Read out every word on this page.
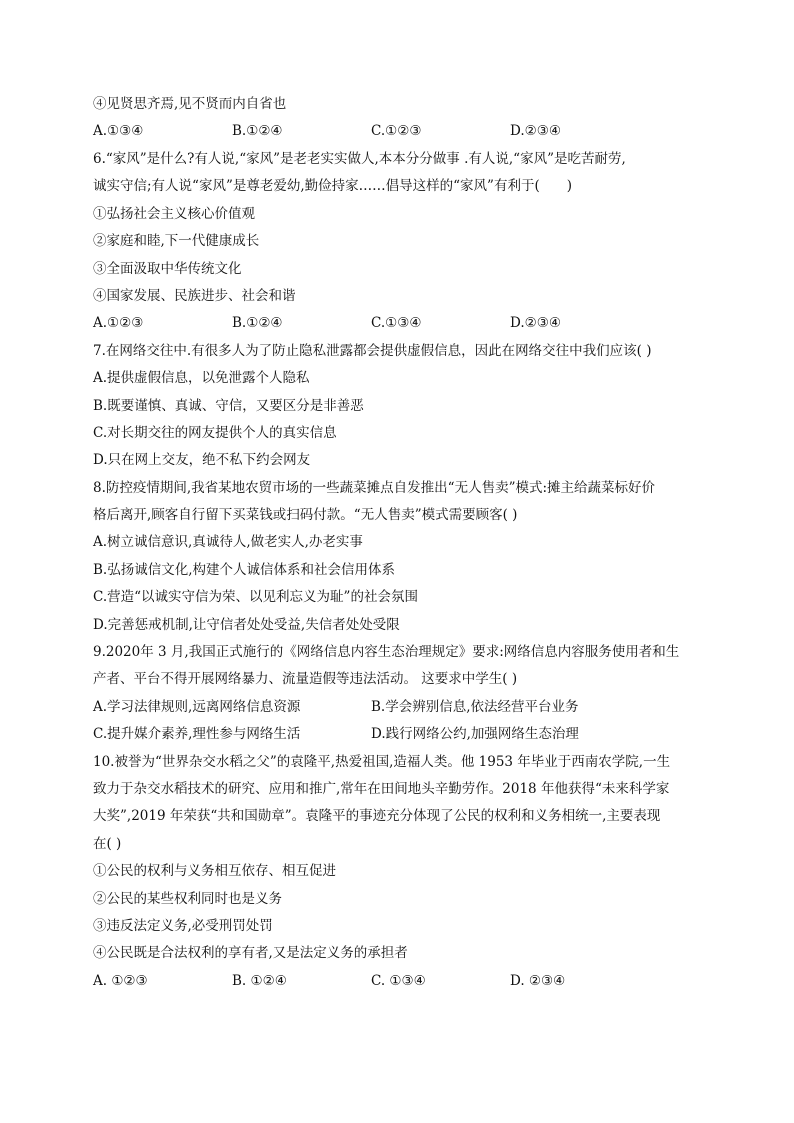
④见贤思齐焉,见不贤而内自省也
A.①③④	B.①②④	C.①②③	D.②③④
6.“家风”是什么?有人说,“家风”是老老实实做人,本本分分做事 .有人说,“家风”是吃苦耐劳,
诚实守信;有人说“家风”是尊老爱幼,勤俭持家……倡导这样的“家风”有利于(　　)
①弘扬社会主义核心价值观
②家庭和睦,下一代健康成长
③全面汲取中华传统文化
④国家发展、民族进步、社会和谐
A.①②③	B.①②④	C.①③④	D.②③④
7.在网络交往中.有很多人为了防止隐私泄露都会提供虚假信息，因此在网络交往中我们应该( )
A.提供虚假信息，以免泄露个人隐私
B.既要谨慎、真诚、守信，又要区分是非善恶
C.对长期交往的网友提供个人的真实信息
D.只在网上交友，绝不私下约会网友
8.防控疫情期间,我省某地农贸市场的一些蔬菜摊点自发推出“无人售卖”模式:摊主给蔬菜标好价
格后离开,顾客自行留下买菜钱或扫码付款。“无人售卖”模式需要顾客( )
A.树立诚信意识,真诚待人,做老实人,办老实事
B.弘扬诚信文化,构建个人诚信体系和社会信用体系
C.营造“以诚实守信为荣、以见利忘义为耻”的社会氛围
D.完善惩戒机制,让守信者处处受益,失信者处处受限
9.2020年 3 月,我国正式施行的《网络信息内容生态治理规定》要求:网络信息内容服务使用者和生
产者、平台不得开展网络暴力、流量造假等违法活动。 这要求中学生( )
A.学习法律规则,远离网络信息资源	B.学会辨别信息,依法经营平台业务
C.提升媒介素养,理性参与网络生活	D.践行网络公约,加强网络生态治理
10.被誉为“世界杂交水稻之父”的袁隆平,热爱祖国,造福人类。他 1953 年毕业于西南农学院,一生
致力于杂交水稻技术的研究、应用和推广,常年在田间地头辛勤劳作。2018 年他获得“未来科学家
大奖”,2019 年荣获“共和国勋章”。袁隆平的事迹充分体现了公民的权利和义务相统一,主要表现
在( )
①公民的权利与义务相互依存、相互促进
②公民的某些权利同时也是义务
③违反法定义务,必受刑罚处罚
④公民既是合法权利的享有者,又是法定义务的承担者
A. ①②③	B. ①②④	C. ①③④	D. ②③④
